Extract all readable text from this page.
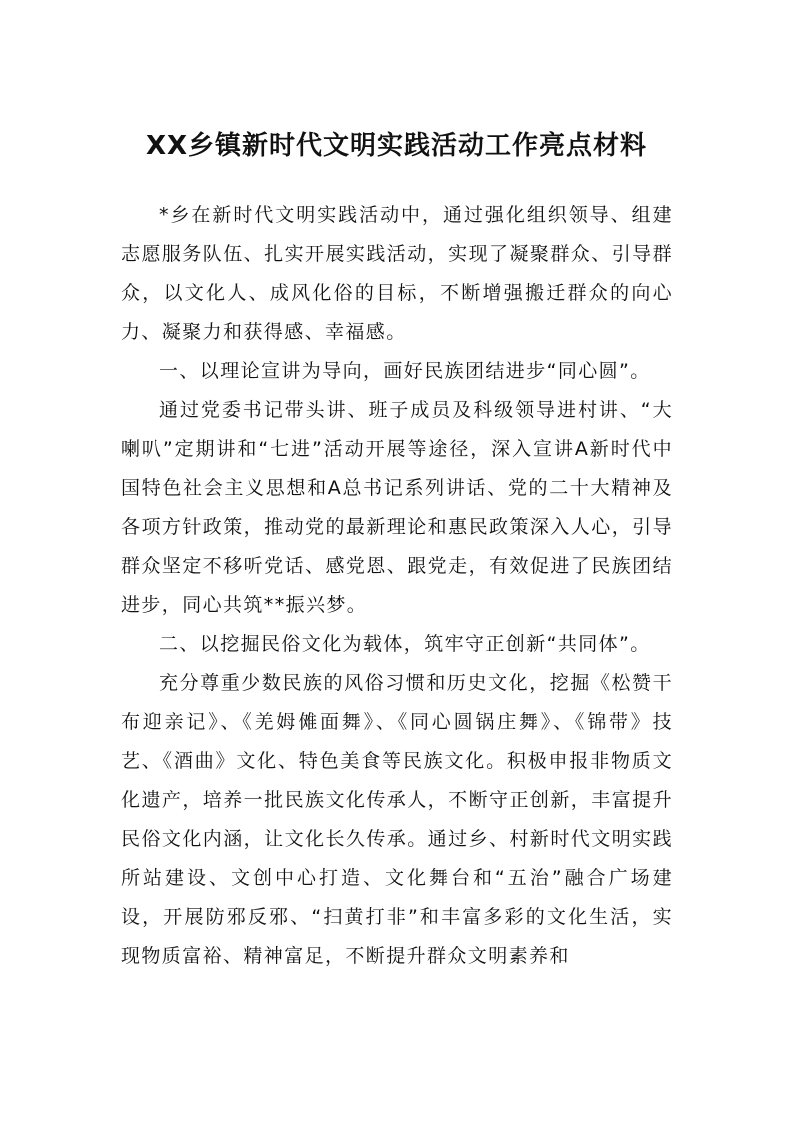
XX乡镇新时代文明实践活动工作亮点材料

*乡在新时代文明实践活动中，通过强化组织领导、组建志愿服务队伍、扎实开展实践活动，实现了凝聚群众、引导群众，以文化人、成风化俗的目标，不断增强搬迁群众的向心力、凝聚力和获得感、幸福感。

一、以理论宣讲为导向，画好民族团结进步“同心圆”。

通过党委书记带头讲、班子成员及科级领导进村讲、“大喇叭”定期讲和“七进”活动开展等途径，深入宣讲A新时代中国特色社会主义思想和A总书记系列讲话、党的二十大精神及各项方针政策，推动党的最新理论和惠民政策深入人心，引导群众坚定不移听党话、感党恩、跟党走，有效促进了民族团结进步，同心共筑**振兴梦。

二、以挖掘民俗文化为载体，筑牢守正创新“共同体”。

充分尊重少数民族的风俗习惯和历史文化，挖掘《松赞干布迎亲记》、《羌姆傩面舞》、《同心圆锅庄舞》、《锦带》技艺、《酒曲》文化、特色美食等民族文化。积极申报非物质文化遗产，培养一批民族文化传承人，不断守正创新，丰富提升民俗文化内涵，让文化长久传承。通过乡、村新时代文明实践所站建设、文创中心打造、文化舞台和“五治”融合广场建设，开展防邪反邪、“扫黄打非”和丰富多彩的文化生活，实现物质富裕、精神富足，不断提升群众文明素养和
